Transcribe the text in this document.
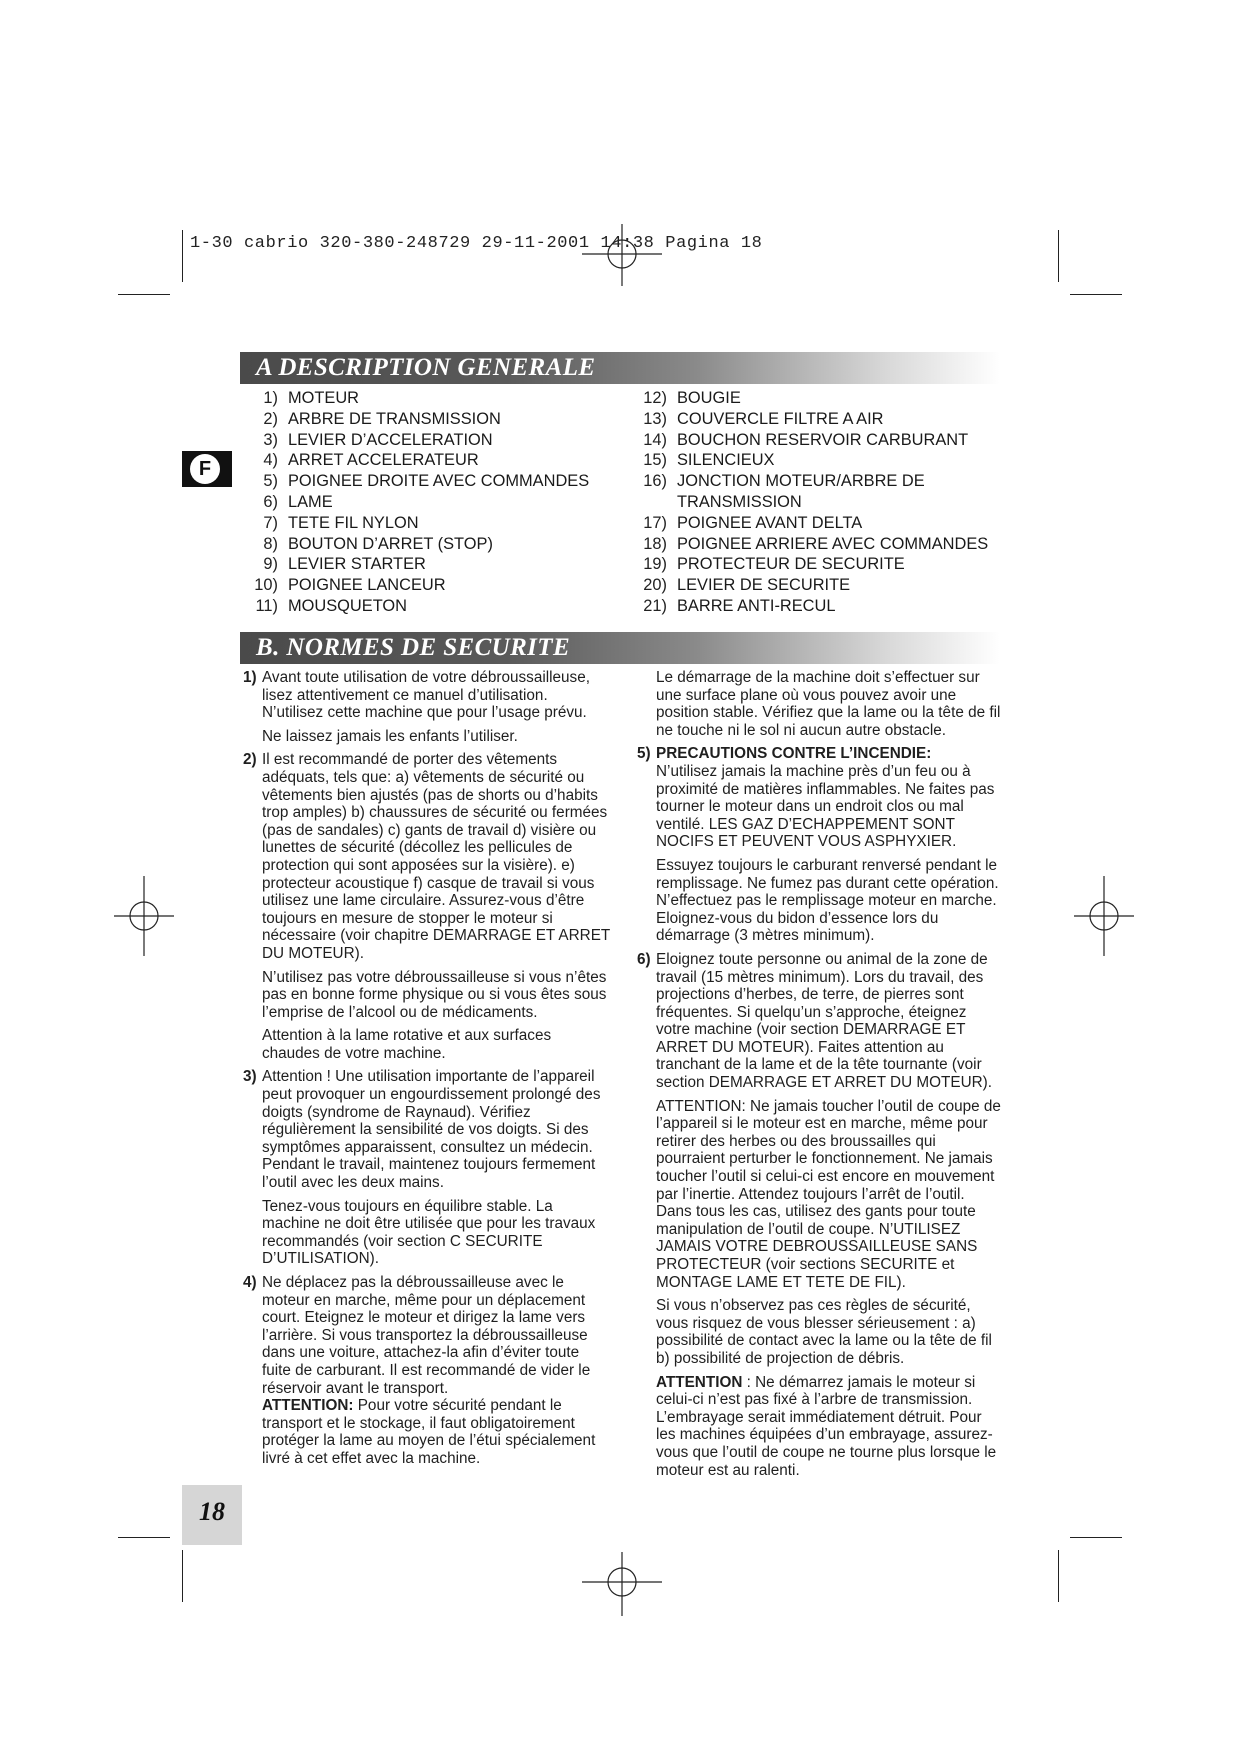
1-30 cabrio 320-380-248729 29-11-2001 14:38 Pagina 18
F
A DESCRIPTION GENERALE
1) MOTEUR
2) ARBRE DE TRANSMISSION
3) LEVIER D’ACCELERATION
4) ARRET ACCELERATEUR
5) POIGNEE DROITE AVEC COMMANDES
6) LAME
7) TETE FIL NYLON
8) BOUTON D’ARRET (STOP)
9) LEVIER STARTER
10) POIGNEE LANCEUR
11) MOUSQUETON
12) BOUGIE
13) COUVERCLE FILTRE A AIR
14) BOUCHON RESERVOIR CARBURANT
15) SILENCIEUX
16) JONCTION MOTEUR/ARBRE DE TRANSMISSION
17) POIGNEE AVANT DELTA
18) POIGNEE ARRIERE AVEC COMMANDES
19) PROTECTEUR DE SECURITE
20) LEVIER DE SECURITE
21) BARRE ANTI-RECUL
B. NORMES DE SECURITE
1) Avant toute utilisation de votre débroussailleuse, lisez attentivement ce manuel d’utilisation. N’utilisez cette machine que pour l’usage prévu.

Ne laissez jamais les enfants l’utiliser.

2) Il est recommandé de porter des vêtements adéquats, tels que: a) vêtements de sécurité ou vêtements bien ajustés (pas de shorts ou d’habits trop amples) b) chaussures de sécurité ou fermées (pas de sandales) c) gants de travail d) visière ou lunettes de sécurité (décollez les pellicules de protection qui sont apposées sur la visière). e) protecteur acoustique f) casque de travail si vous utilisez une lame circulaire. Assurez-vous d’être toujours en mesure de stopper le moteur si nécessaire (voir chapitre DEMARRAGE ET ARRET DU MOTEUR).

N’utilisez pas votre débroussailleuse si vous n’êtes pas en bonne forme physique ou si vous êtes sous l’emprise de l’alcool ou de médicaments.

Attention à la lame rotative et aux surfaces chaudes de votre machine.

3) Attention ! Une utilisation importante de l’appareil peut provoquer un engourdissement prolongé des doigts (syndrome de Raynaud). Vérifiez régulièrement la sensibilité de vos doigts. Si des symptômes apparaissent, consultez un médecin. Pendant le travail, maintenez toujours fermement l’outil avec les deux mains.

Tenez-vous toujours en équilibre stable. La machine ne doit être utilisée que pour les travaux recommandés (voir section C SECURITE D’UTILISATION).

4) Ne déplacez pas la débroussailleuse avec le moteur en marche, même pour un déplacement court. Eteignez le moteur et dirigez la lame vers l’arrière. Si vous transportez la débroussailleuse dans une voiture, attachez-la afin d’éviter toute fuite de carburant. Il est recommandé de vider le réservoir avant le transport.
ATTENTION: Pour votre sécurité pendant le transport et le stockage, il faut obligatoirement protéger la lame au moyen de l’étui spécialement livré à cet effet avec la machine.

Le démarrage de la machine doit s’effectuer sur une surface plane où vous pouvez avoir une position stable. Vérifiez que la lame ou la tête de fil ne touche ni le sol ni aucun autre obstacle.

5) PRECAUTIONS CONTRE L’INCENDIE:
N’utilisez jamais la machine près d’un feu ou à proximité de matières inflammables. Ne faites pas tourner le moteur dans un endroit clos ou mal ventilé. LES GAZ D’ECHAPPEMENT SONT NOCIFS ET PEUVENT VOUS ASPHYXIER.

Essuyez toujours le carburant renversé pendant le remplissage. Ne fumez pas durant cette opération. N’effectuez pas le remplissage moteur en marche. Eloignez-vous du bidon d’essence lors du démarrage (3 mètres minimum).

6) Eloignez toute personne ou animal de la zone de travail (15 mètres minimum). Lors du travail, des projections d’herbes, de terre, de pierres sont fréquentes. Si quelqu’un s’approche, éteignez votre machine (voir section DEMARRAGE ET ARRET DU MOTEUR). Faites attention au tranchant de la lame et de la tête tournante (voir section DEMARRAGE ET ARRET DU MOTEUR).

ATTENTION: Ne jamais toucher l’outil de coupe de l’appareil si le moteur est en marche, même pour retirer des herbes ou des broussailles qui pourraient perturber le fonctionnement. Ne jamais toucher l’outil si celui-ci est encore en mouvement par l’inertie. Attendez toujours l’arrêt de l’outil. Dans tous les cas, utilisez des gants pour toute manipulation de l’outil de coupe. N’UTILISEZ JAMAIS VOTRE DEBROUSSAILLEUSE SANS PROTECTEUR (voir sections SECURITE et MONTAGE LAME ET TETE DE FIL).

Si vous n’observez pas ces règles de sécurité, vous risquez de vous blesser sérieusement : a) possibilité de contact avec la lame ou la tête de fil b) possibilité de projection de débris.

ATTENTION : Ne démarrez jamais le moteur si celui-ci n’est pas fixé à l’arbre de transmission. L’embrayage serait immédiatement détruit. Pour les machines équipées d’un embrayage, assurez-vous que l’outil de coupe ne tourne plus lorsque le moteur est au ralenti.

18
